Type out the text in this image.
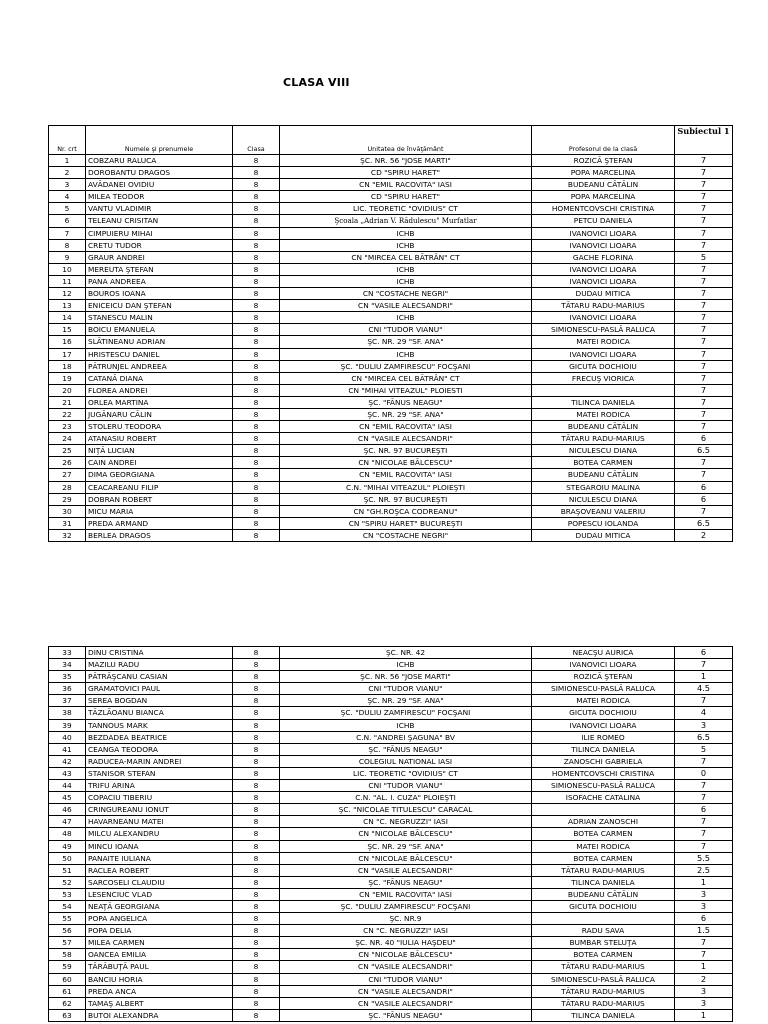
CLASA VIII
Nr. crt	Numele şi prenumele	Clasa	Unitatea de învăţământ	Profesorul de la clasă	Subiectul 1
1	COBZARU RALUCA	8	ŞC. NR. 56 "JOSE MARTI"	ROZICĂ ŞTEFAN	7
2	DOROBANTU DRAGOS	8	CD "SPIRU HARET"	POPA MARCELINA	7
3	AVĂDANEI OVIDIU	8	CN "EMIL RACOVITA" IASI	BUDEANU CĂTĂLIN	7
4	MILEA TEODOR	8	CD "SPIRU HARET"	POPA MARCELINA	7
5	VANTU VLADIMIR	8	LIC. TEORETIC "OVIDIUS" CT	HOMENTCOVSCHI CRISTINA	7
6	TELEANU CRISITAN	8	Şcoala „Adrian V. Rădulescu" Murfatlar	PETCU DANIELA	7
7	CIMPUIERU MIHAI	8	ICHB	IVANOVICI LIOARA	7
8	CRETU TUDOR	8	ICHB	IVANOVICI LIOARA	7
9	GRAUR ANDREI	8	CN "MIRCEA CEL BĂTRÂN" CT	GACHE FLORINA	5
10	MEREUTA ŞTEFAN	8	ICHB	IVANOVICI LIOARA	7
11	PANA ANDREEA	8	ICHB	IVANOVICI LIOARA	7
12	BOUROS IOANA	8	CN "COSTACHE NEGRI"	DUDAU MITICA	7
13	ENICEICU DAN ŞTEFAN	8	CN "VASILE ALECSANDRI"	TĂTARU RADU-MARIUS	7
14	STANESCU MALIN	8	ICHB	IVANOVICI LIOARA	7
15	BOICU EMANUELA	8	CNI "TUDOR VIANU"	SIMIONESCU-PASLĂ RALUCA	7
16	SLĂTINEANU ADRIAN	8	ŞC. NR. 29 "SF. ANA"	MATEI RODICA	7
17	HRISTESCU DANIEL	8	ICHB	IVANOVICI LIOARA	7
18	PĂTRUNJEL ANDREEA	8	ŞC. "DULIU ZAMFIRESCU" FOCŞANI	GICUTA DOCHIOIU	7
19	CATANĂ DIANA	8	CN "MIRCEA CEL BĂTRÂN" CT	FRECUŞ VIORICA	7
20	FLOREA ANDREI	8	CN "MIHAI VITEAZUL" PLOIESTI		7
21	ORLEA MARTINA	8	ŞC. "FĂNUS NEAGU"	TILINCA DANIELA	7
22	JUGĂNARU CĂLIN	8	ŞC. NR. 29 "SF. ANA"	MATEI RODICA	7
23	STOLERU TEODORA	8	CN "EMIL RACOVITA" IASI	BUDEANU CĂTĂLIN	7
24	ATANASIU ROBERT	8	CN "VASILE ALECSANDRI"	TĂTARU RADU-MARIUS	6
25	NIŢĂ LUCIAN	8	ŞC. NR. 97 BUCUREŞTI	NICULESCU DIANA	6.5
26	CAIN ANDREI	8	CN "NICOLAE BĂLCESCU"	BOTEA CARMEN	7
27	DIMA GEORGIANA	8	CN "EMIL RACOVITA" IASI	BUDEANU CĂTĂLIN	7
28	CEACAREANU FILIP	8	C.N. "MIHAI VITEAZUL" PLOIEŞTI	STEGAROIU MALINA	6
29	DOBRAN ROBERT	8	ŞC. NR. 97 BUCUREŞTI	NICULESCU DIANA	6
30	MICU MARIA	8	CN "GH.ROŞCA CODREANU"	BRAŞOVEANU VALERIU	7
31	PREDA ARMAND	8	CN "SPIRU HARET" BUCUREŞTI	POPESCU IOLANDA	6.5
32	BERLEA DRAGOS	8	CN "COSTACHE NEGRI"	DUDAU MITICA	2
33	DINU CRISTINA	8	ŞC. NR. 42	NEACŞU AURICA	6
34	MAZILU RADU	8	ICHB	IVANOVICI LIOARA	7
35	PĂTRĂŞCANU CASIAN	8	ŞC. NR. 56 "JOSE MARTI"	ROZICĂ ŞTEFAN	1
36	GRAMATOVICI PAUL	8	CNI "TUDOR VIANU"	SIMIONESCU-PASLĂ RALUCA	4.5
37	SEREA BOGDAN	8	ŞC. NR. 29 "SF. ANA"	MATEI RODICA	7
38	TĂZLĂOANU BIANCA	8	ŞC. "DULIU ZAMFIRESCU" FOCŞANI	GICUTA DOCHIOIU	4
39	TANNOUS MARK	8	ICHB	IVANOVICI LIOARA	3
40	BEZDADEA BEATRICE	8	C.N. "ANDREI ŞAGUNA" BV	ILIE ROMEO	6.5
41	CEANGA TEODORA	8	ŞC. "FĂNUS NEAGU"	TILINCA DANIELA	5
42	RADUCEA-MARIN ANDREI	8	COLEGIUL NATIONAL IASI	ZANOSCHI GABRIELA	7
43	STANISOR STEFAN	8	LIC. TEORETIC "OVIDIUS" CT	HOMENTCOVSCHI CRISTINA	0
44	TRIFU ARINA	8	CNI "TUDOR VIANU"	SIMIONESCU-PASLĂ RALUCA	7
45	COPACIU TIBERIU	8	C.N. "AL. I. CUZA" PLOIEŞTI	ISOFACHE CATALINA	7
46	CRINGUREANU IONUT	8	ŞC. "NICOLAE TITULESCU" CARACAL		6
47	HAVARNEANU MATEI	8	CN "C. NEGRUZZI" IASI	ADRIAN ZANOSCHI	7
48	MILCU ALEXANDRU	8	CN "NICOLAE BĂLCESCU"	BOTEA CARMEN	7
49	MINCU IOANA	8	ŞC. NR. 29 "SF. ANA"	MATEI RODICA	7
50	PANAITE IULIANA	8	CN "NICOLAE BĂLCESCU"	BOTEA CARMEN	5.5
51	RACLEA ROBERT	8	CN "VASILE ALECSANDRI"	TĂTARU RADU-MARIUS	2.5
52	SARCOSELI CLAUDIU	8	ŞC. "FĂNUS NEAGU"	TILINCA DANIELA	1
53	LESENCIUC VLAD	8	CN "EMIL RACOVITA" IASI	BUDEANU CĂTĂLIN	3
54	NEAŢĂ GEORGIANA	8	ŞC. "DULIU ZAMFIRESCU" FOCŞANI	GICUTA DOCHIOIU	3
55	POPA ANGELICA	8	ŞC. NR.9		6
56	POPA DELIA	8	CN "C. NEGRUZZI" IASI	RADU SAVA	1.5
57	MILEA CARMEN	8	ŞC. NR. 40 "IULIA HAŞDEU"	BUMBAR STELUŢA	7
58	OANCEA EMILIA	8	CN "NICOLAE BĂLCESCU"	BOTEA CARMEN	7
59	TĂRĂBUŢĂ PAUL	8	CN "VASILE ALECSANDRI"	TĂTARU RADU-MARIUS	1
60	BANCIU HORIA	8	CNI "TUDOR VIANU"	SIMIONESCU-PASLĂ RALUCA	2
61	PREDA ANCA	8	CN "VASILE ALECSANDRI"	TĂTARU RADU-MARIUS	3
62	TAMAŞ ALBERT	8	CN "VASILE ALECSANDRI"	TĂTARU RADU-MARIUS	3
63	BUTOI ALEXANDRA	8	ŞC. "FĂNUS NEAGU"	TILINCA DANIELA	1
